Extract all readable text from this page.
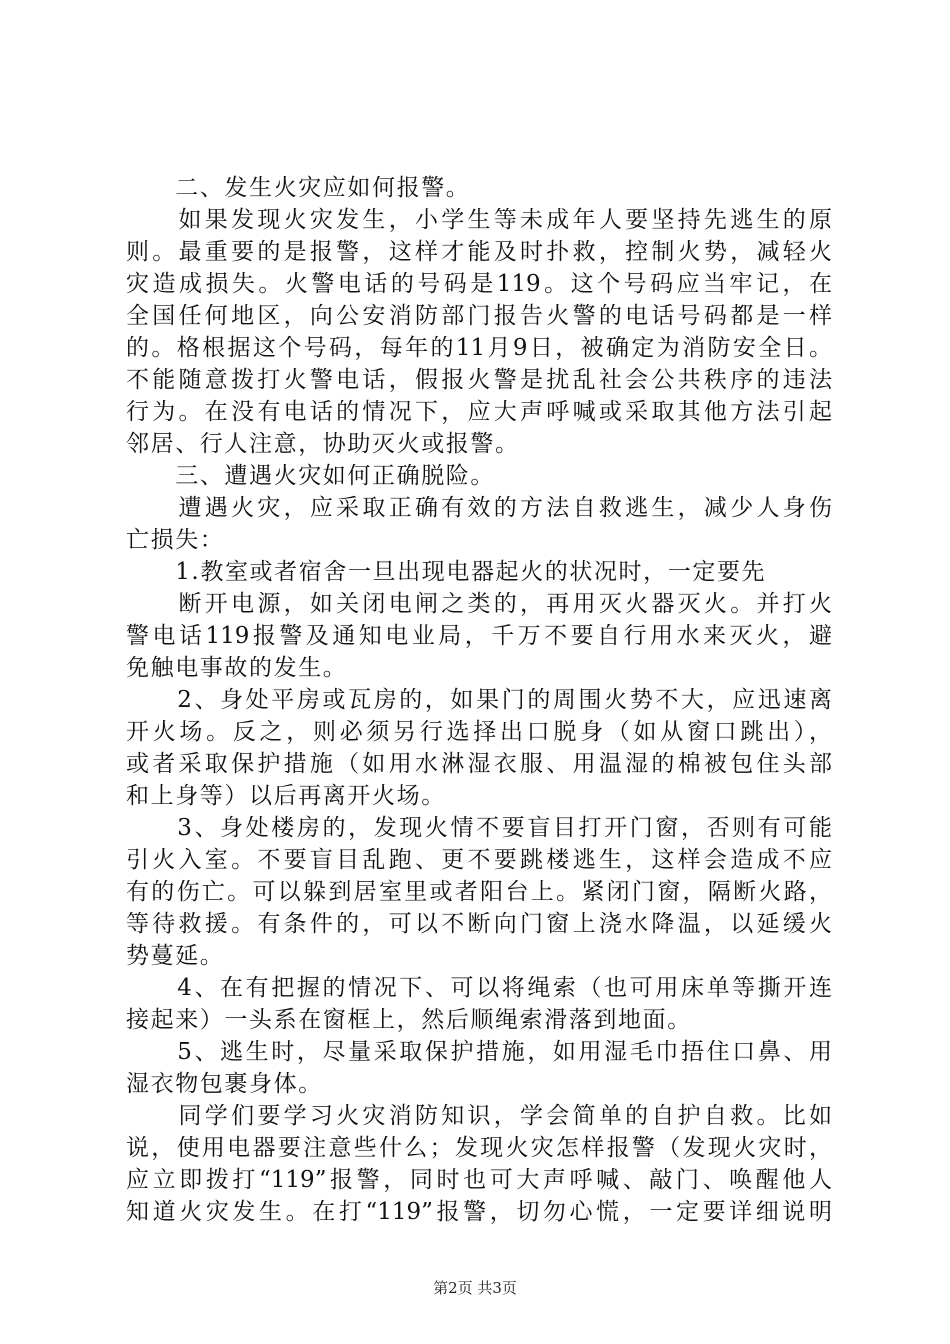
　　二、发生火灾应如何报警。
　　如果发现火灾发生，小学生等未成年人要坚持先逃生的原
则。最重要的是报警，这样才能及时扑救，控制火势，减轻火
灾造成损失。火警电话的号码是119。这个号码应当牢记，在
全国任何地区，向公安消防部门报告火警的电话号码都是一样
的。格根据这个号码，每年的11月9日，被确定为消防安全日。
不能随意拨打火警电话，假报火警是扰乱社会公共秩序的违法
行为。在没有电话的情况下，应大声呼喊或采取其他方法引起
邻居、行人注意，协助灭火或报警。
　　三、遭遇火灾如何正确脱险。
　　遭遇火灾，应采取正确有效的方法自救逃生，减少人身伤
亡损失：
　　1.教室或者宿舍一旦出现电器起火的状况时，一定要先
　　断开电源，如关闭电闸之类的，再用灭火器灭火。并打火
警电话119报警及通知电业局，千万不要自行用水来灭火，避
免触电事故的发生。
　　2、身处平房或瓦房的，如果门的周围火势不大，应迅速离
开火场。反之，则必须另行选择出口脱身（如从窗口跳出），
或者采取保护措施（如用水淋湿衣服、用温湿的棉被包住头部
和上身等）以后再离开火场。
　　3、身处楼房的，发现火情不要盲目打开门窗，否则有可能
引火入室。不要盲目乱跑、更不要跳楼逃生，这样会造成不应
有的伤亡。可以躲到居室里或者阳台上。紧闭门窗，隔断火路，
等待救援。有条件的，可以不断向门窗上浇水降温，以延缓火
势蔓延。
　　4、在有把握的情况下、可以将绳索（也可用床单等撕开连
接起来）一头系在窗框上，然后顺绳索滑落到地面。
　　5、逃生时，尽量采取保护措施，如用湿毛巾捂住口鼻、用
湿衣物包裹身体。
　　同学们要学习火灾消防知识，学会简单的自护自救。比如
说，使用电器要注意些什么；发现火灾怎样报警（发现火灾时，
应立即拨打“119”报警，同时也可大声呼喊、敲门、唤醒他人
知道火灾发生。在打“119”报警，切勿心慌，一定要详细说明
第2页 共3页
